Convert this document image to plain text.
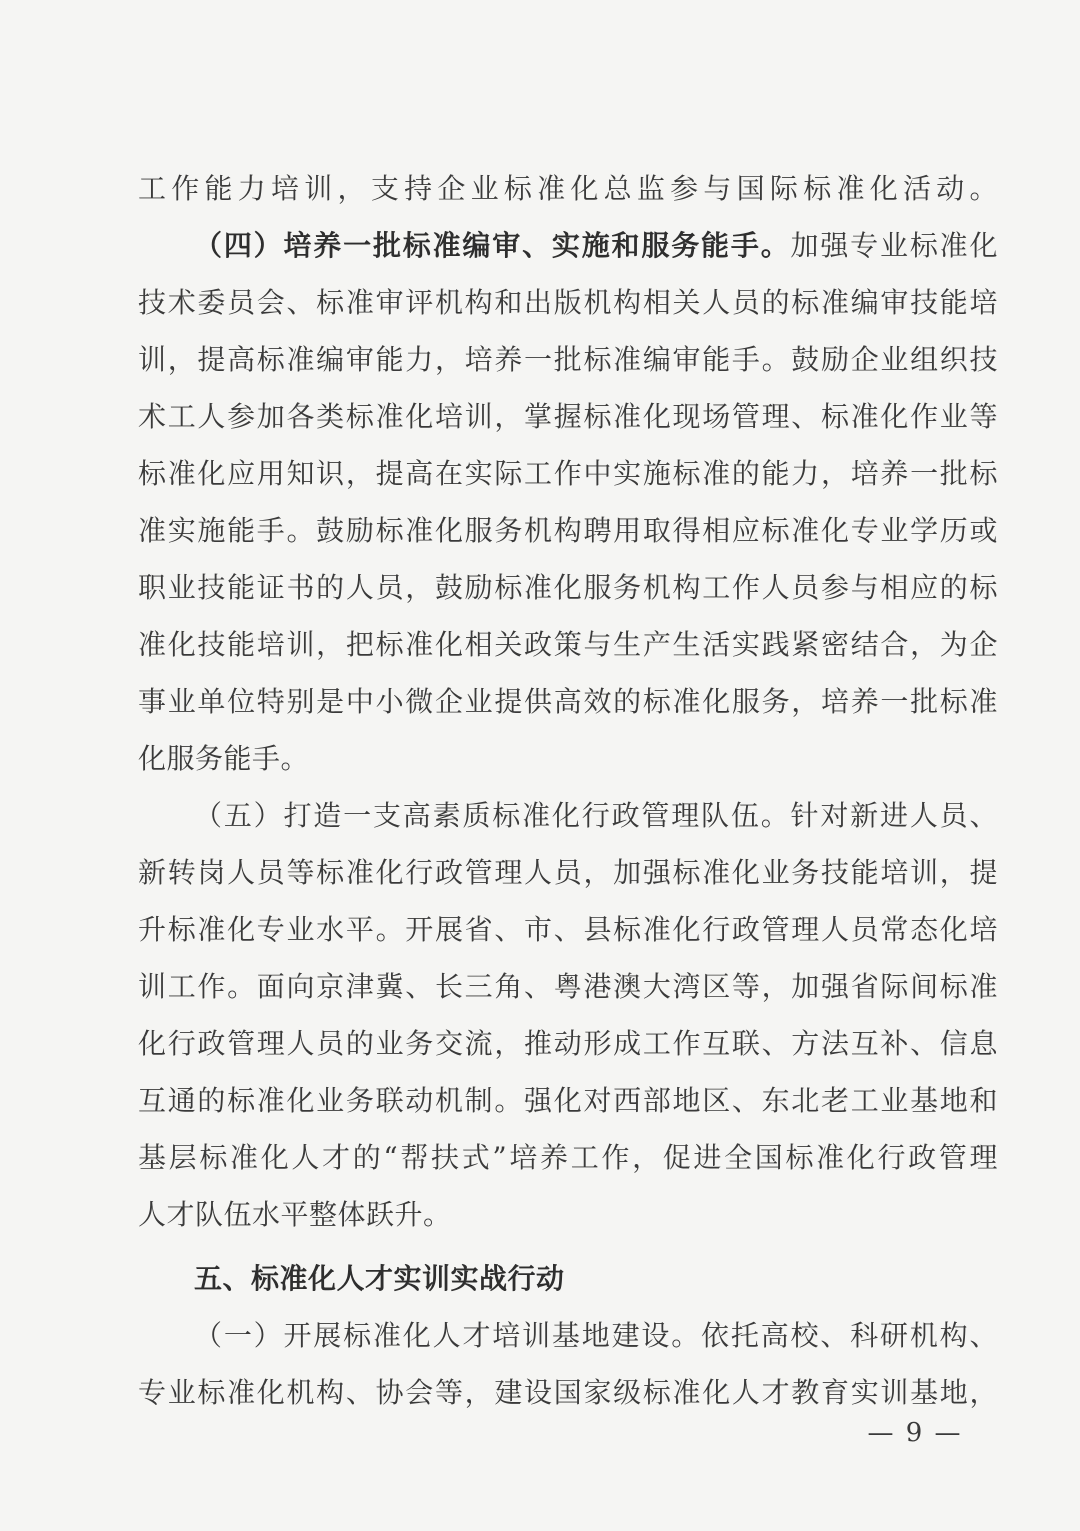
工作能力培训，支持企业标准化总监参与国际标准化活动。
（四）培养一批标准编审、实施和服务能手。加强专业标准化
技术委员会、标准审评机构和出版机构相关人员的标准编审技能培
训，提高标准编审能力，培养一批标准编审能手。鼓励企业组织技
术工人参加各类标准化培训，掌握标准化现场管理、标准化作业等
标准化应用知识，提高在实际工作中实施标准的能力，培养一批标
准实施能手。鼓励标准化服务机构聘用取得相应标准化专业学历或
职业技能证书的人员，鼓励标准化服务机构工作人员参与相应的标
准化技能培训，把标准化相关政策与生产生活实践紧密结合，为企
事业单位特别是中小微企业提供高效的标准化服务，培养一批标准
化服务能手。
（五）打造一支高素质标准化行政管理队伍。针对新进人员、
新转岗人员等标准化行政管理人员，加强标准化业务技能培训，提
升标准化专业水平。开展省、市、县标准化行政管理人员常态化培
训工作。面向京津冀、长三角、粤港澳大湾区等，加强省际间标准
化行政管理人员的业务交流，推动形成工作互联、方法互补、信息
互通的标准化业务联动机制。强化对西部地区、东北老工业基地和
基层标准化人才的“帮扶式”培养工作，促进全国标准化行政管理
人才队伍水平整体跃升。
五、标准化人才实训实战行动
（一）开展标准化人才培训基地建设。依托高校、科研机构、
专业标准化机构、协会等，建设国家级标准化人才教育实训基地，
— 9 —
